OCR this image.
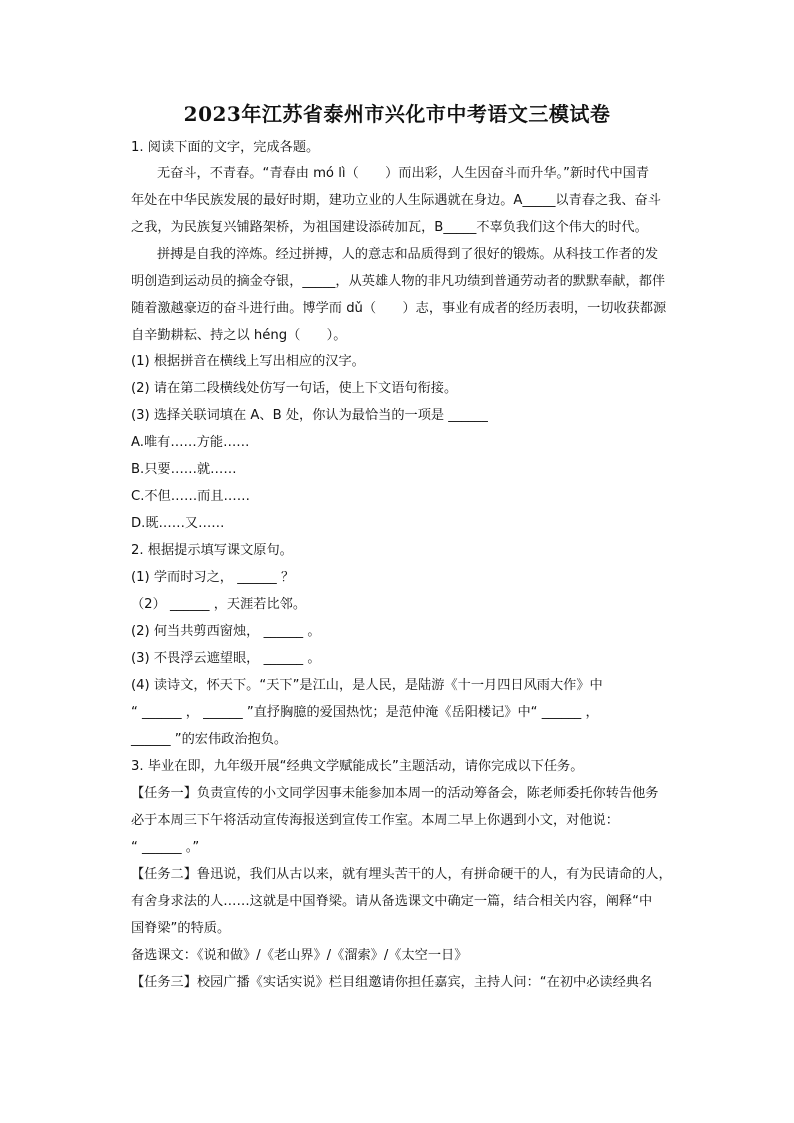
2023年江苏省泰州市兴化市中考语文三模试卷
1. 阅读下面的文字，完成各题。
无奋斗，不青春。“青春由 mó lì（　　）而出彩，人生因奋斗而升华。”新时代中国青
年处在中华民族发展的最好时期，建功立业的人生际遇就在身边。A_____以青春之我、奋斗
之我，为民族复兴铺路架桥，为祖国建设添砖加瓦，B_____不辜负我们这个伟大的时代。
拼搏是自我的淬炼。经过拼搏，人的意志和品质得到了很好的锻炼。从科技工作者的发
明创造到运动员的摘金夺银，_____，从英雄人物的非凡功绩到普通劳动者的默默奉献，都伴
随着激越豪迈的奋斗进行曲。博学而 dǔ（　　）志，事业有成者的经历表明，一切收获都源
自辛勤耕耘、持之以 héng（　　）。
(1) 根据拼音在横线上写出相应的汉字。
(2) 请在第二段横线处仿写一句话，使上下文语句衔接。
(3) 选择关联词填在 A、B 处，你认为最恰当的一项是 ______
A.唯有……方能……
B.只要……就……
C.不但……而且……
D.既……又……
2. 根据提示填写课文原句。
(1) 学而时习之， ______ ？
（2） ______ ，天涯若比邻。
(2) 何当共剪西窗烛， ______ 。
(3) 不畏浮云遮望眼， ______ 。
(4) 读诗文，怀天下。“天下”是江山，是人民，是陆游《十一月四日风雨大作》中
“ ______ ， ______ ”直抒胸臆的爱国热忱；是范仲淹《岳阳楼记》中“ ______ ，
______ ”的宏伟政治抱负。
3. 毕业在即，九年级开展“经典文学赋能成长”主题活动，请你完成以下任务。
【任务一】负责宣传的小文同学因事未能参加本周一的活动筹备会，陈老师委托你转告他务
必于本周三下午将活动宣传海报送到宣传工作室。本周二早上你遇到小文，对他说：
“ ______ 。”
【任务二】鲁迅说，我们从古以来，就有埋头苦干的人，有拼命硬干的人，有为民请命的人，
有舍身求法的人……这就是中国脊梁。请从备选课文中确定一篇，结合相关内容，阐释“中
国脊梁”的特质。
备选课文：《说和做》/《老山界》/《溜索》/《太空一日》
【任务三】校园广播《实话实说》栏目组邀请你担任嘉宾，主持人问：“在初中必读经典名
